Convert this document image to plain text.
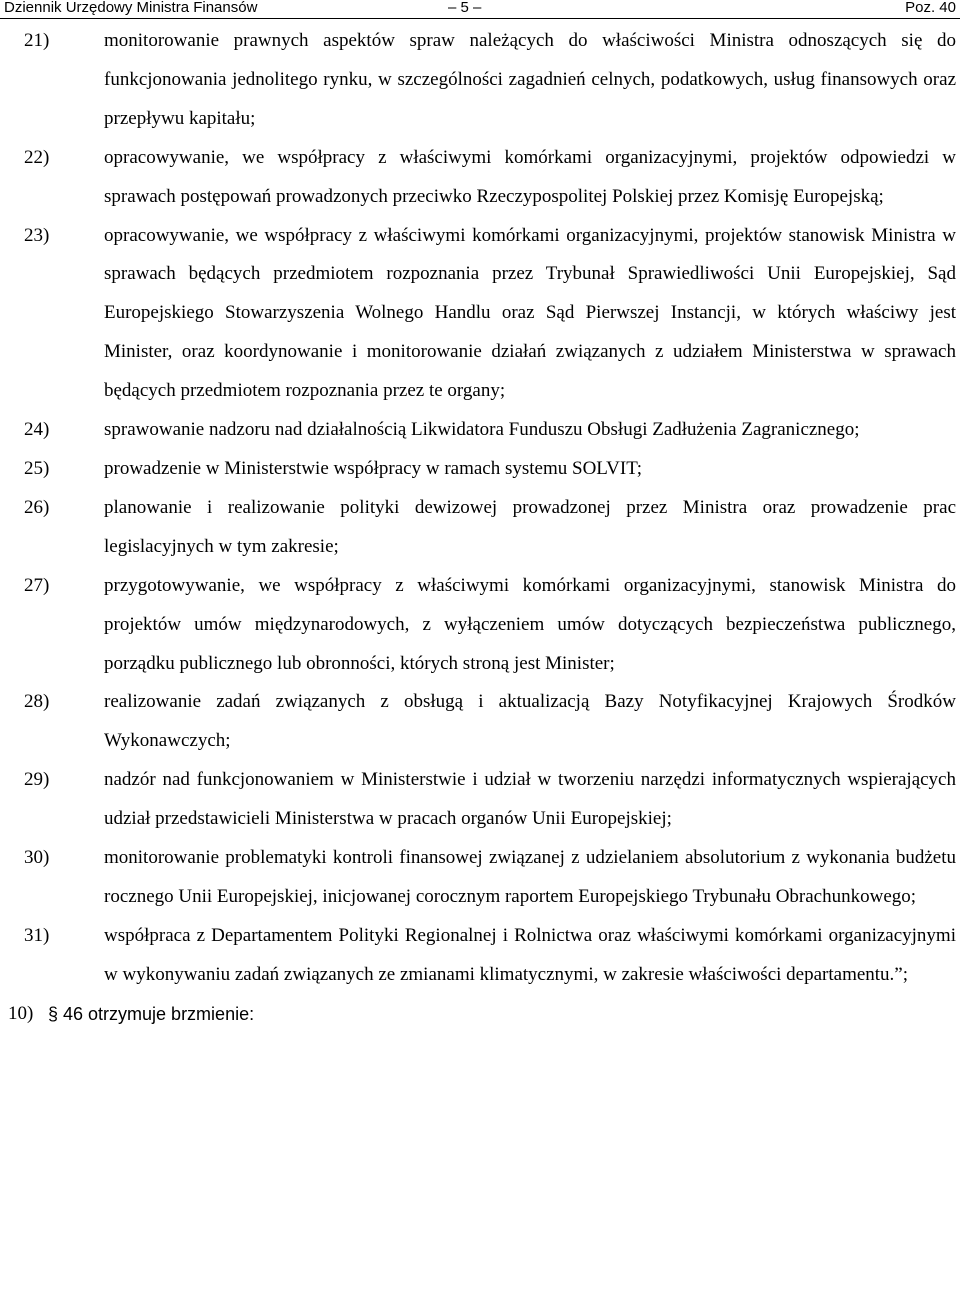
Dziennik Urzędowy Ministra Finansów	– 5 –	Poz. 40
21)	monitorowanie prawnych aspektów spraw należących do właściwości Ministra odnoszących się do funkcjonowania jednolitego rynku, w szczególności zagadnień celnych, podatkowych, usług finansowych oraz przepływu kapitału;
22)	opracowywanie, we współpracy z właściwymi komórkami organizacyjnymi, projektów odpowiedzi w sprawach postępowań prowadzonych przeciwko Rzeczypospolitej Polskiej przez Komisję Europejską;
23)	opracowywanie, we współpracy z właściwymi komórkami organizacyjnymi, projektów stanowisk Ministra w sprawach będących przedmiotem rozpoznania przez Trybunał Sprawiedliwości Unii Europejskiej, Sąd Europejskiego Stowarzyszenia Wolnego Handlu oraz Sąd Pierwszej Instancji, w których właściwy jest Minister, oraz koordynowanie i monitorowanie działań związanych z udziałem Ministerstwa w sprawach będących przedmiotem rozpoznania przez te organy;
24)	sprawowanie nadzoru nad działalnością Likwidatora Funduszu Obsługi Zadłużenia Zagranicznego;
25)	prowadzenie w Ministerstwie współpracy w ramach systemu SOLVIT;
26)	planowanie i realizowanie polityki dewizowej prowadzonej przez Ministra oraz prowadzenie prac legislacyjnych w tym zakresie;
27)	przygotowywanie, we współpracy z właściwymi komórkami organizacyjnymi, stanowisk Ministra do projektów umów międzynarodowych, z wyłączeniem umów dotyczących bezpieczeństwa publicznego, porządku publicznego lub obronności, których stroną jest Minister;
28)	realizowanie zadań związanych z obsługą i aktualizacją Bazy Notyfikacyjnej Krajowych Środków Wykonawczych;
29)	nadzór nad funkcjonowaniem w Ministerstwie i udział w tworzeniu narzędzi informatycznych wspierających udział przedstawicieli Ministerstwa w pracach organów Unii Europejskiej;
30)	monitorowanie problematyki kontroli finansowej związanej z udzielaniem absolutorium z wykonania budżetu rocznego Unii Europejskiej, inicjowanej corocznym raportem Europejskiego Trybunału Obrachunkowego;
31)	współpraca z Departamentem Polityki Regionalnej i Rolnictwa oraz właściwymi komórkami organizacyjnymi w wykonywaniu zadań związanych ze zmianami klimatycznymi, w zakresie właściwości departamentu.”;
10) § 46 otrzymuje brzmienie:
